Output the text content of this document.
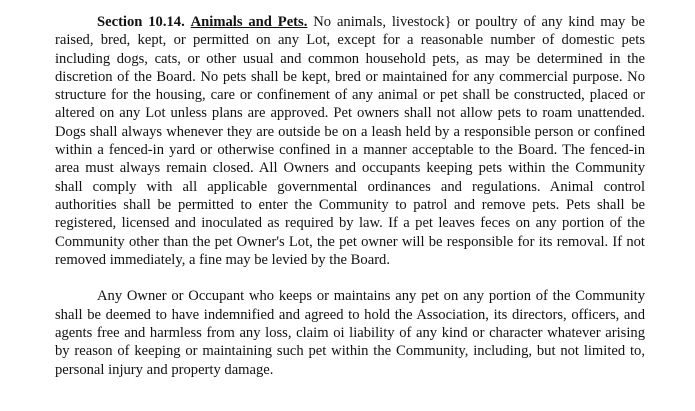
Section 10.14. Animals and Pets. No animals, livestock} or poultry of any kind may be raised, bred, kept, or permitted on any Lot, except for a reasonable number of domestic pets including dogs, cats, or other usual and common household pets, as may be determined in the discretion of the Board. No pets shall be kept, bred or maintained for any commercial purpose. No structure for the housing, care or confinement of any animal or pet shall be constructed, placed or altered on any Lot unless plans are approved. Pet owners shall not allow pets to roam unattended. Dogs shall always whenever they are outside be on a leash held by a responsible person or confined within a fenced-in yard or otherwise confined in a manner acceptable to the Board. The fenced-in area must always remain closed. All Owners and occupants keeping pets within the Community shall comply with all applicable governmental ordinances and regulations. Animal control authorities shall be permitted to enter the Community to patrol and remove pets. Pets shall be registered, licensed and inoculated as required by law. If a pet leaves feces on any portion of the Community other than the pet Owner's Lot, the pet owner will be responsible for its removal. If not removed immediately, a fine may be levied by the Board.

Any Owner or Occupant who keeps or maintains any pet on any portion of the Community shall be deemed to have indemnified and agreed to hold the Association, its directors, officers, and agents free and harmless from any loss, claim oi liability of any kind or character whatever arising by reason of keeping or maintaining such pet within the Community, including, but not limited to, personal injury and property damage.
